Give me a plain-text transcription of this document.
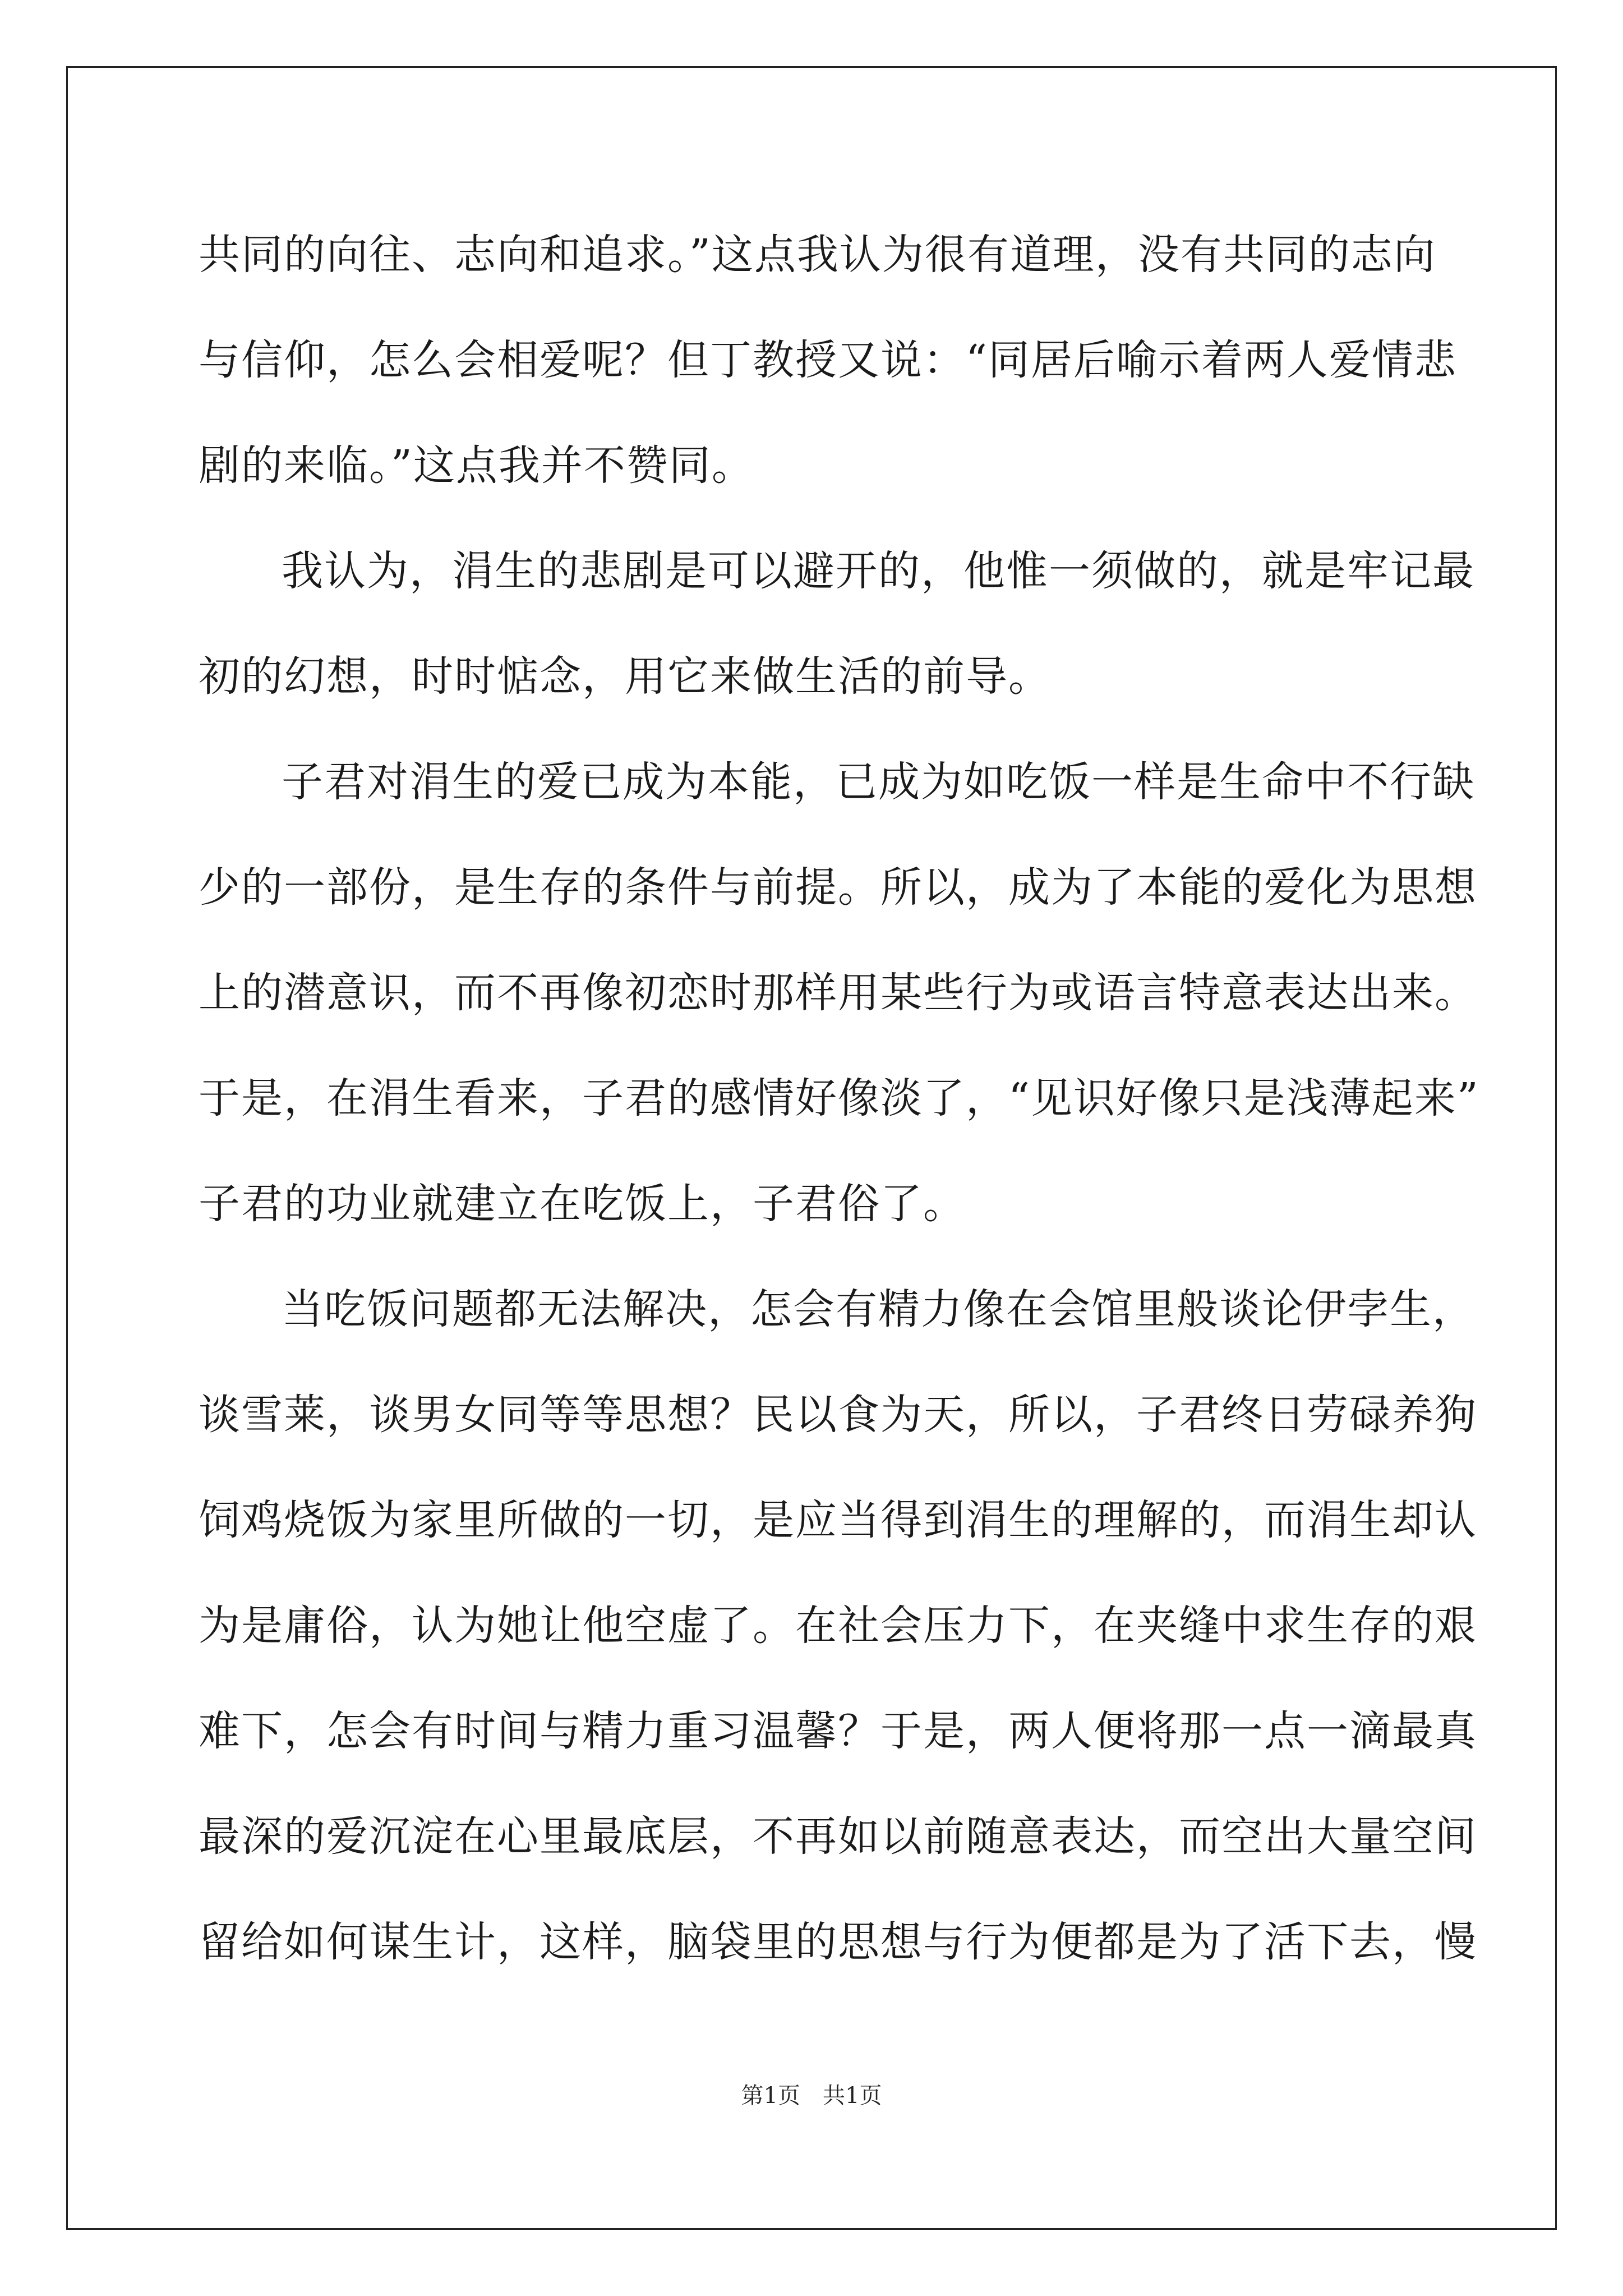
共同的向往、志向和追求。”这点我认为很有道理，没有共同的志向
与信仰，怎么会相爱呢？但丁教授又说：“同居后喻示着两人爱情悲
剧的来临。”这点我并不赞同。
我认为，涓生的悲剧是可以避开的，他惟一须做的，就是牢记最
初的幻想，时时惦念，用它来做生活的前导。
子君对涓生的爱已成为本能，已成为如吃饭一样是生命中不行缺
少的一部份，是生存的条件与前提。所以，成为了本能的爱化为思想
上的潜意识，而不再像初恋时那样用某些行为或语言特意表达出来。
于是，在涓生看来，子君的感情好像淡了，“见识好像只是浅薄起来”
子君的功业就建立在吃饭上，子君俗了。
当吃饭问题都无法解决，怎会有精力像在会馆里般谈论伊孛生，
谈雪莱，谈男女同等等思想？民以食为天，所以，子君终日劳碌养狗
饲鸡烧饭为家里所做的一切，是应当得到涓生的理解的，而涓生却认
为是庸俗，认为她让他空虚了。在社会压力下，在夹缝中求生存的艰
难下，怎会有时间与精力重习温馨？于是，两人便将那一点一滴最真
最深的爱沉淀在心里最底层，不再如以前随意表达，而空出大量空间
留给如何谋生计，这样，脑袋里的思想与行为便都是为了活下去，慢
第1页　共1页
